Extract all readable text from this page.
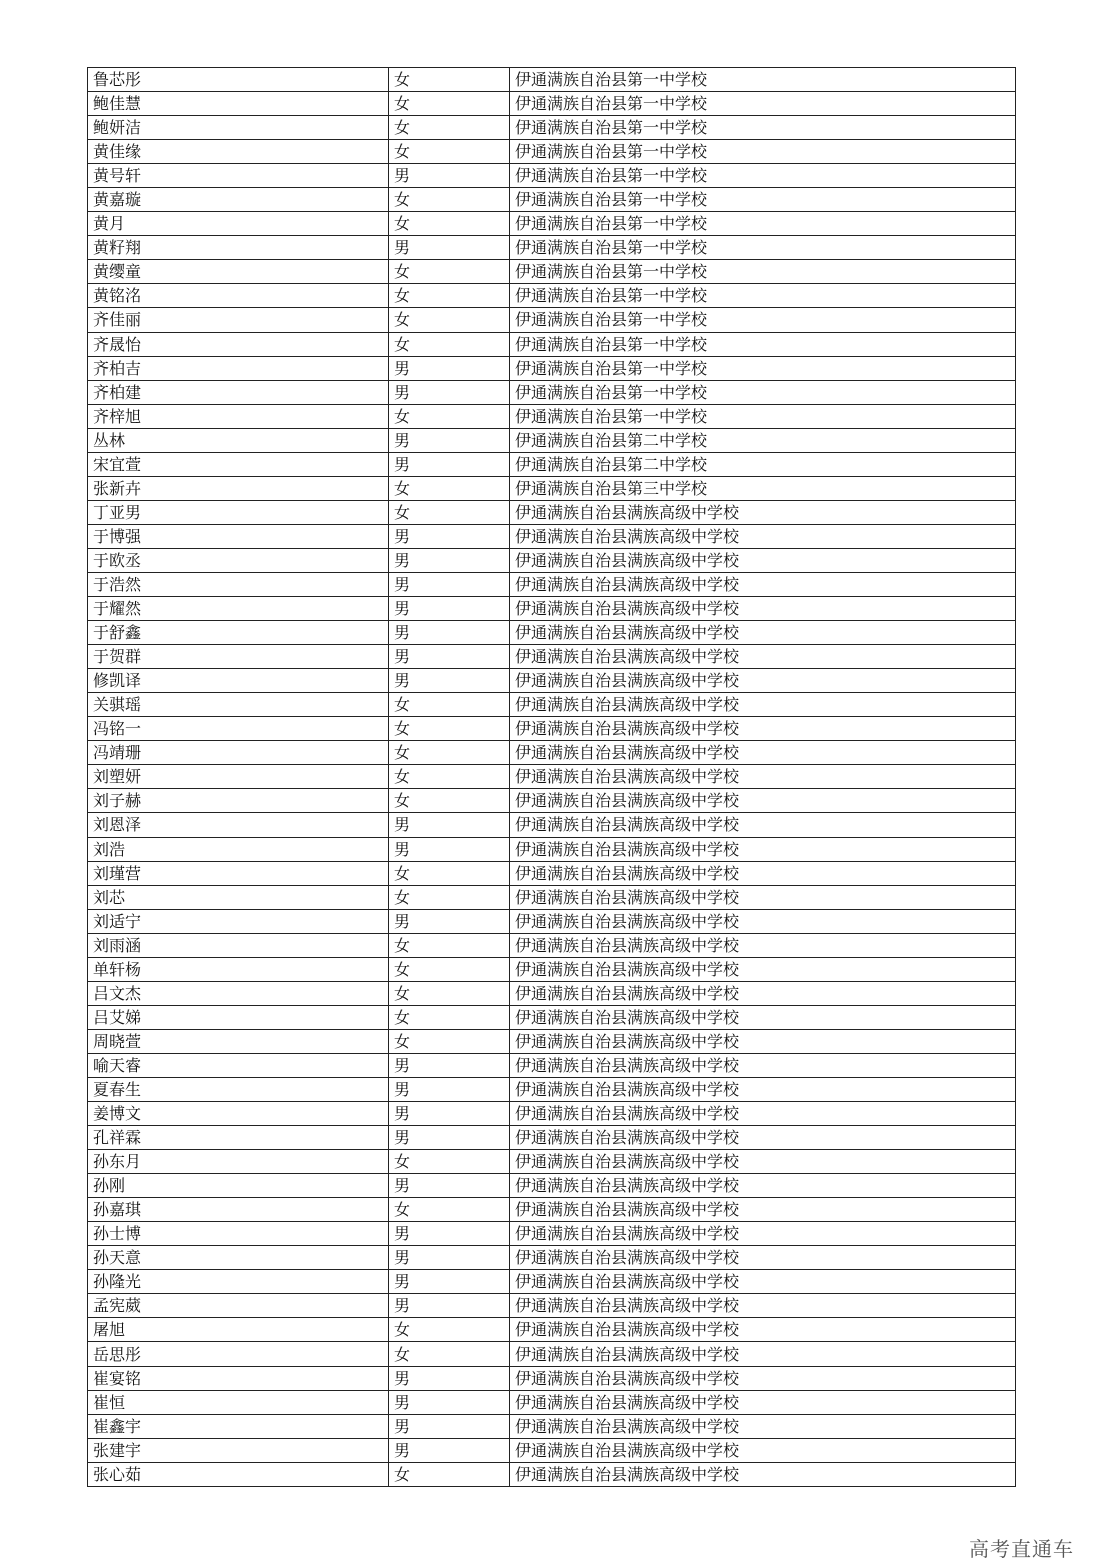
鲁芯彤	女	伊通满族自治县第一中学校
鲍佳慧	女	伊通满族自治县第一中学校
鲍妍洁	女	伊通满族自治县第一中学校
黄佳缘	女	伊通满族自治县第一中学校
黄号轩	男	伊通满族自治县第一中学校
黄嘉璇	女	伊通满族自治县第一中学校
黄月	女	伊通满族自治县第一中学校
黄籽翔	男	伊通满族自治县第一中学校
黄缨童	女	伊通满族自治县第一中学校
黄铭洺	女	伊通满族自治县第一中学校
齐佳丽	女	伊通满族自治县第一中学校
齐晟怡	女	伊通满族自治县第一中学校
齐柏吉	男	伊通满族自治县第一中学校
齐柏建	男	伊通满族自治县第一中学校
齐梓旭	女	伊通满族自治县第一中学校
丛林	男	伊通满族自治县第二中学校
宋宜萱	男	伊通满族自治县第二中学校
张新卉	女	伊通满族自治县第三中学校
丁亚男	女	伊通满族自治县满族高级中学校
于博强	男	伊通满族自治县满族高级中学校
于欧丞	男	伊通满族自治县满族高级中学校
于浩然	男	伊通满族自治县满族高级中学校
于耀然	男	伊通满族自治县满族高级中学校
于舒鑫	男	伊通满族自治县满族高级中学校
于贺群	男	伊通满族自治县满族高级中学校
修凯译	男	伊通满族自治县满族高级中学校
关骐瑶	女	伊通满族自治县满族高级中学校
冯铭一	女	伊通满族自治县满族高级中学校
冯靖珊	女	伊通满族自治县满族高级中学校
刘塑妍	女	伊通满族自治县满族高级中学校
刘子赫	女	伊通满族自治县满族高级中学校
刘恩泽	男	伊通满族自治县满族高级中学校
刘浩	男	伊通满族自治县满族高级中学校
刘瑾营	女	伊通满族自治县满族高级中学校
刘芯	女	伊通满族自治县满族高级中学校
刘适宁	男	伊通满族自治县满族高级中学校
刘雨涵	女	伊通满族自治县满族高级中学校
单轩杨	女	伊通满族自治县满族高级中学校
吕文杰	女	伊通满族自治县满族高级中学校
吕艾娣	女	伊通满族自治县满族高级中学校
周晓萱	女	伊通满族自治县满族高级中学校
喻天睿	男	伊通满族自治县满族高级中学校
夏春生	男	伊通满族自治县满族高级中学校
姜博文	男	伊通满族自治县满族高级中学校
孔祥霖	男	伊通满族自治县满族高级中学校
孙东月	女	伊通满族自治县满族高级中学校
孙刚	男	伊通满族自治县满族高级中学校
孙嘉琪	女	伊通满族自治县满族高级中学校
孙士博	男	伊通满族自治县满族高级中学校
孙天意	男	伊通满族自治县满族高级中学校
孙隆光	男	伊通满族自治县满族高级中学校
孟宪葳	男	伊通满族自治县满族高级中学校
屠旭	女	伊通满族自治县满族高级中学校
岳思彤	女	伊通满族自治县满族高级中学校
崔宴铭	男	伊通满族自治县满族高级中学校
崔恒	男	伊通满族自治县满族高级中学校
崔鑫宇	男	伊通满族自治县满族高级中学校
张建宇	男	伊通满族自治县满族高级中学校
张心茹	女	伊通满族自治县满族高级中学校
高考直通车
